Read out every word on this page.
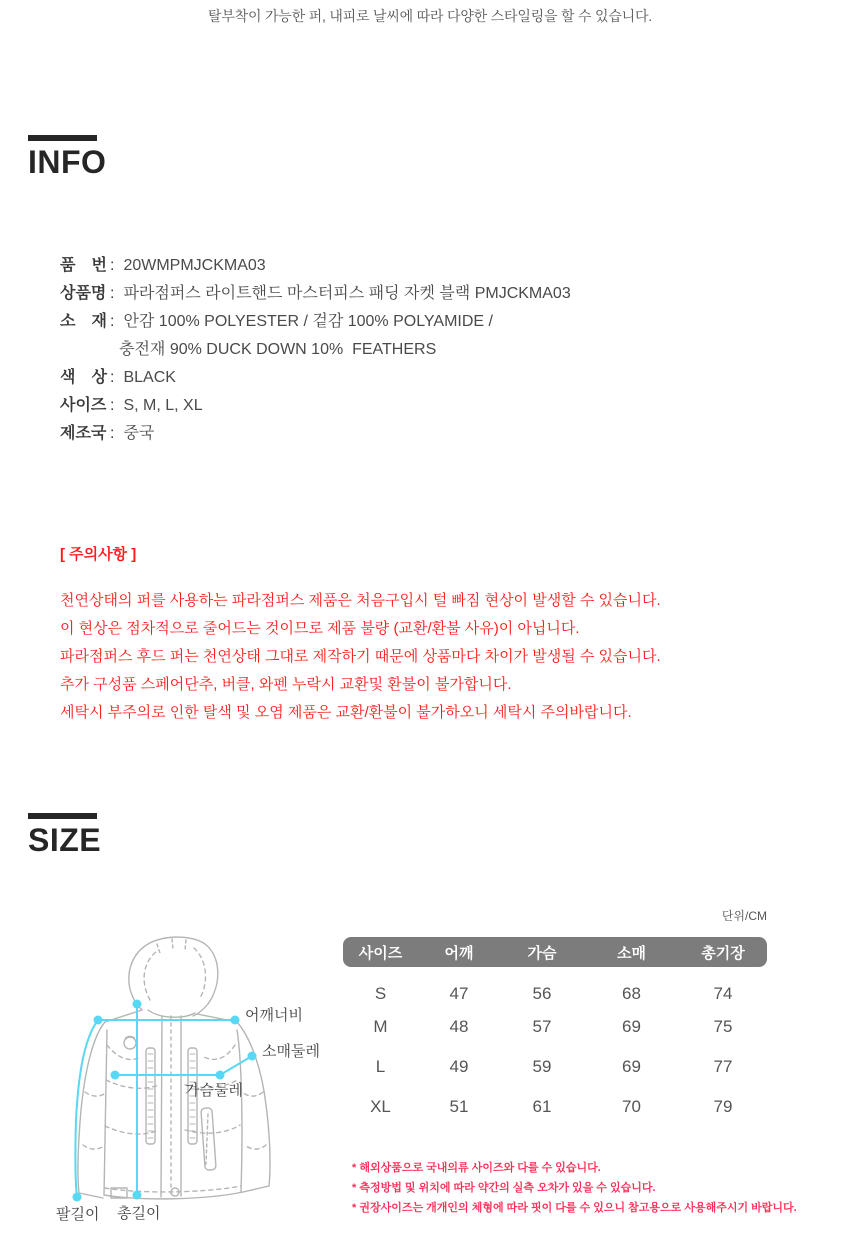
탈부착이 가능한 퍼, 내피로 날씨에 따라 다양한 스타일링을 할 수 있습니다.
INFO
품　번 : 20WMPMJCKMA03
상품명 : 파라점퍼스 라이트핸드 마스터피스 패딩 자켓 블랙 PMJCKMA03
소　재 : 안감 100% POLYESTER / 겉감 100% POLYAMIDE /
충전재 90% DUCK DOWN 10%  FEATHERS
색　상 : BLACK
사이즈 : S, M, L, XL
제조국 : 중국
[ 주의사항 ]
천연상태의 퍼를 사용하는 파라점퍼스 제품은 처음구입시 털 빠짐 현상이 발생할 수 있습니다.
이 현상은 점차적으로 줄어드는 것이므로 제품 불량 (교환/환불 사유)이 아닙니다.
파라점퍼스 후드 퍼는 천연상태 그대로 제작하기 때문에 상품마다 차이가 발생될 수 있습니다.
추가 구성품 스페어단추, 버클, 와펜 누락시 교환및 환불이 불가합니다.
세탁시 부주의로 인한 탈색 및 오염 제품은 교환/환불이 불가하오니 세탁시 주의바랍니다.
SIZE
단위/CM
사이즈	어깨	가슴	소매	총기장
S	47	56	68	74
M	48	57	69	75
L	49	59	69	77
XL	51	61	70	79
어깨너비
소매둘레
가슴둘레
팔길이 총길이
* 해외상품으로 국내의류 사이즈와 다를 수 있습니다.
* 측정방법 및 위치에 따라 약간의 실측 오차가 있을 수 있습니다.
* 권장사이즈는 개개인의 체형에 따라 핏이 다를 수 있으니 참고용으로 사용해주시기 바랍니다.
